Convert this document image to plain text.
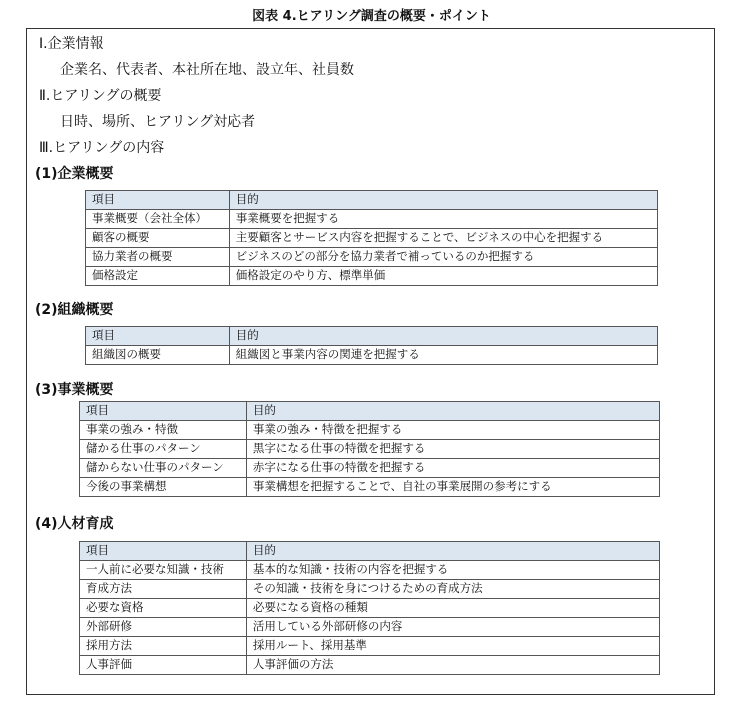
図表 4.ヒアリング調査の概要・ポイント
Ⅰ.企業情報
企業名、代表者、本社所在地、設立年、社員数
Ⅱ.ヒアリングの概要
日時、場所、ヒアリング対応者
Ⅲ.ヒアリングの内容
(1)企業概要
項目	目的
事業概要（会社全体）	事業概要を把握する
顧客の概要	主要顧客とサービス内容を把握することで、ビジネスの中心を把握する
協力業者の概要	ビジネスのどの部分を協力業者で補っているのか把握する
価格設定	価格設定のやり方、標準単価
(2)組織概要
項目	目的
組織図の概要	組織図と事業内容の関連を把握する
(3)事業概要
項目	目的
事業の強み・特徴	事業の強み・特徴を把握する
儲かる仕事のパターン	黒字になる仕事の特徴を把握する
儲からない仕事のパターン	赤字になる仕事の特徴を把握する
今後の事業構想	事業構想を把握することで、自社の事業展開の参考にする
(4)人材育成
項目	目的
一人前に必要な知識・技術	基本的な知識・技術の内容を把握する
育成方法	その知識・技術を身につけるための育成方法
必要な資格	必要になる資格の種類
外部研修	活用している外部研修の内容
採用方法	採用ルート、採用基準
人事評価	人事評価の方法
